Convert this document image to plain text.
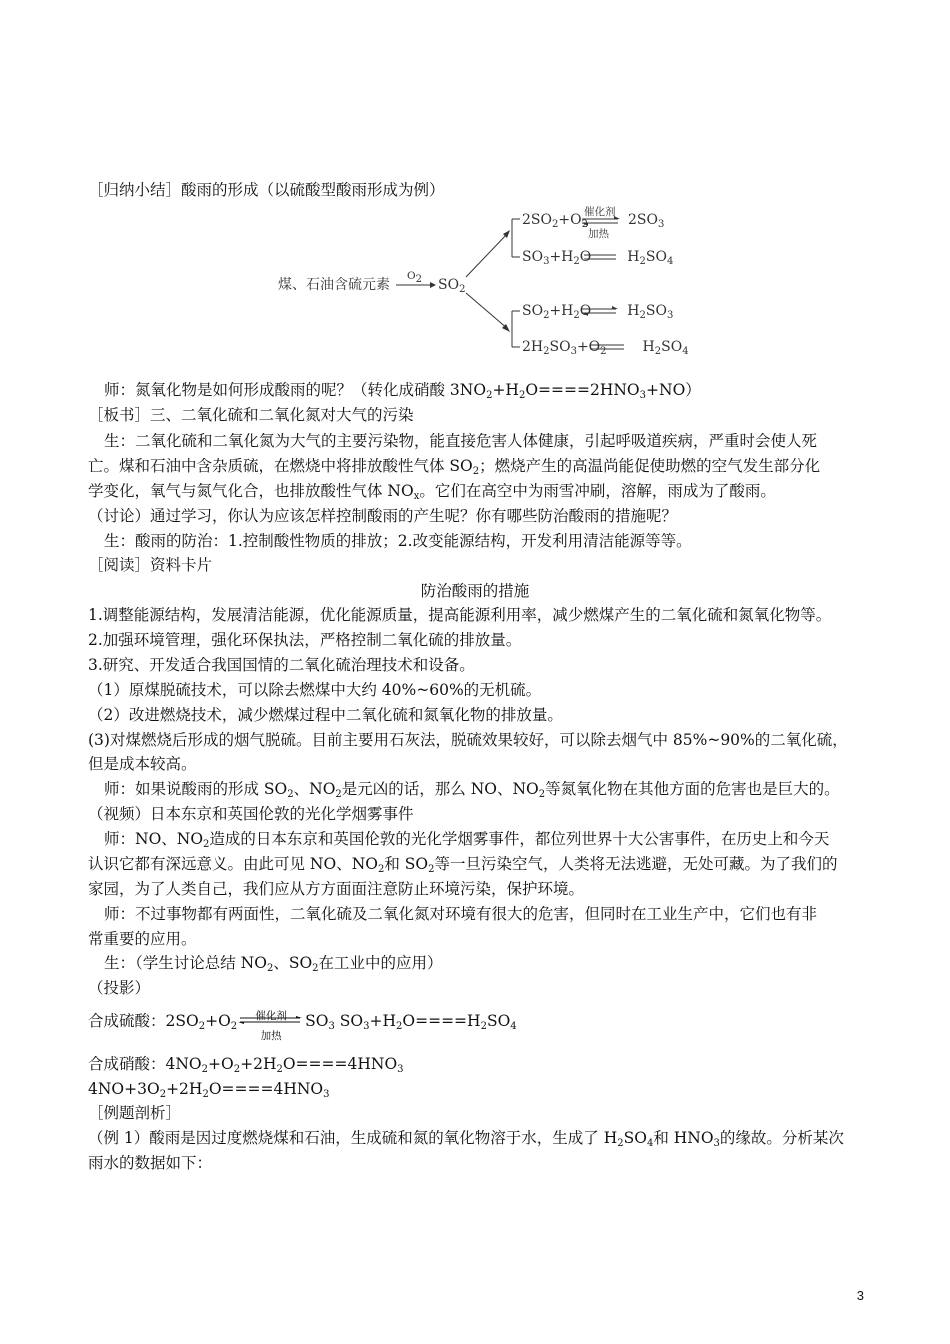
［归纳小结］酸雨的形成（以硫酸型酸雨形成为例）
煤、石油含硫元素
$O_2$ $SO_2$
$2SO_2+O_2$	$2SO_3$
催化剂
加热
$SO_3+H_2O$	$H_2SO_4$
$SO_2+H_2O$	$H_2SO_3$
$2H_2SO_3+O_2$	$H_2SO_4$
师：氮氧化物是如何形成酸雨的呢？（转化成硝酸 $3NO_2+H_2O====2HNO_3+NO$）
［板书］三、二氧化硫和二氧化氮对大气的污染
生：二氧化硫和二氧化氮为大气的主要污染物，能直接危害人体健康，引起呼吸道疾病，严重时会使人死
亡。煤和石油中含杂质硫，在燃烧中将排放酸性气体 $SO_2$；燃烧产生的高温尚能促使助燃的空气发生部分化
学变化，氧气与氮气化合，也排放酸性气体 $NO_x$。它们在高空中为雨雪冲刷，溶解，雨成为了酸雨。
（讨论）通过学习，你认为应该怎样控制酸雨的产生呢？你有哪些防治酸雨的措施呢？
生：酸雨的防治：1.控制酸性物质的排放；2.改变能源结构，开发利用清洁能源等等。
［阅读］资料卡片
防治酸雨的措施
1.调整能源结构，发展清洁能源，优化能源质量，提高能源利用率，减少燃煤产生的二氧化硫和氮氧化物等。
2.加强环境管理，强化环保执法，严格控制二氧化硫的排放量。
3.研究、开发适合我国国情的二氧化硫治理技术和设备。
（1）原煤脱硫技术，可以除去燃煤中大约 40%~60%的无机硫。
（2）改进燃烧技术，减少燃煤过程中二氧化硫和氮氧化物的排放量。
(3)对煤燃烧后形成的烟气脱硫。目前主要用石灰法，脱硫效果较好，可以除去烟气中 85%~90%的二氧化硫，
但是成本较高。
师：如果说酸雨的形成 $SO_2$、$NO_2$是元凶的话，那么 NO、$NO_2$等氮氧化物在其他方面的危害也是巨大的。
（视频）日本东京和英国伦敦的光化学烟雾事件
师：NO、$NO_2$造成的日本东京和英国伦敦的光化学烟雾事件，都位列世界十大公害事件，在历史上和今天
认识它都有深远意义。由此可见 NO、$NO_2$和 $SO_2$等一旦污染空气，人类将无法逃避，无处可藏。为了我们的
家园，为了人类自己，我们应从方方面面注意防止环境污染，保护环境。
师：不过事物都有两面性，二氧化硫及二氧化氮对环境有很大的危害，但同时在工业生产中，它们也有非
常重要的应用。
生：（学生讨论总结 $NO_2$、$SO_2$在工业中的应用）
（投影）
合成硫酸：$2SO_2+O_2$
催化剂
加热
$SO_3$ $SO_3+H_2O====H_2SO_4$
合成硝酸：$4NO_2+O_2+2H_2O====4HNO_3$
$4NO+3O_2+2H_2O====4HNO_3$
［例题剖析］
（例 1）酸雨是因过度燃烧煤和石油，生成硫和氮的氧化物溶于水，生成了 $H_2SO_4$和 $HNO_3$的缘故。分析某次
雨水的数据如下：
3
